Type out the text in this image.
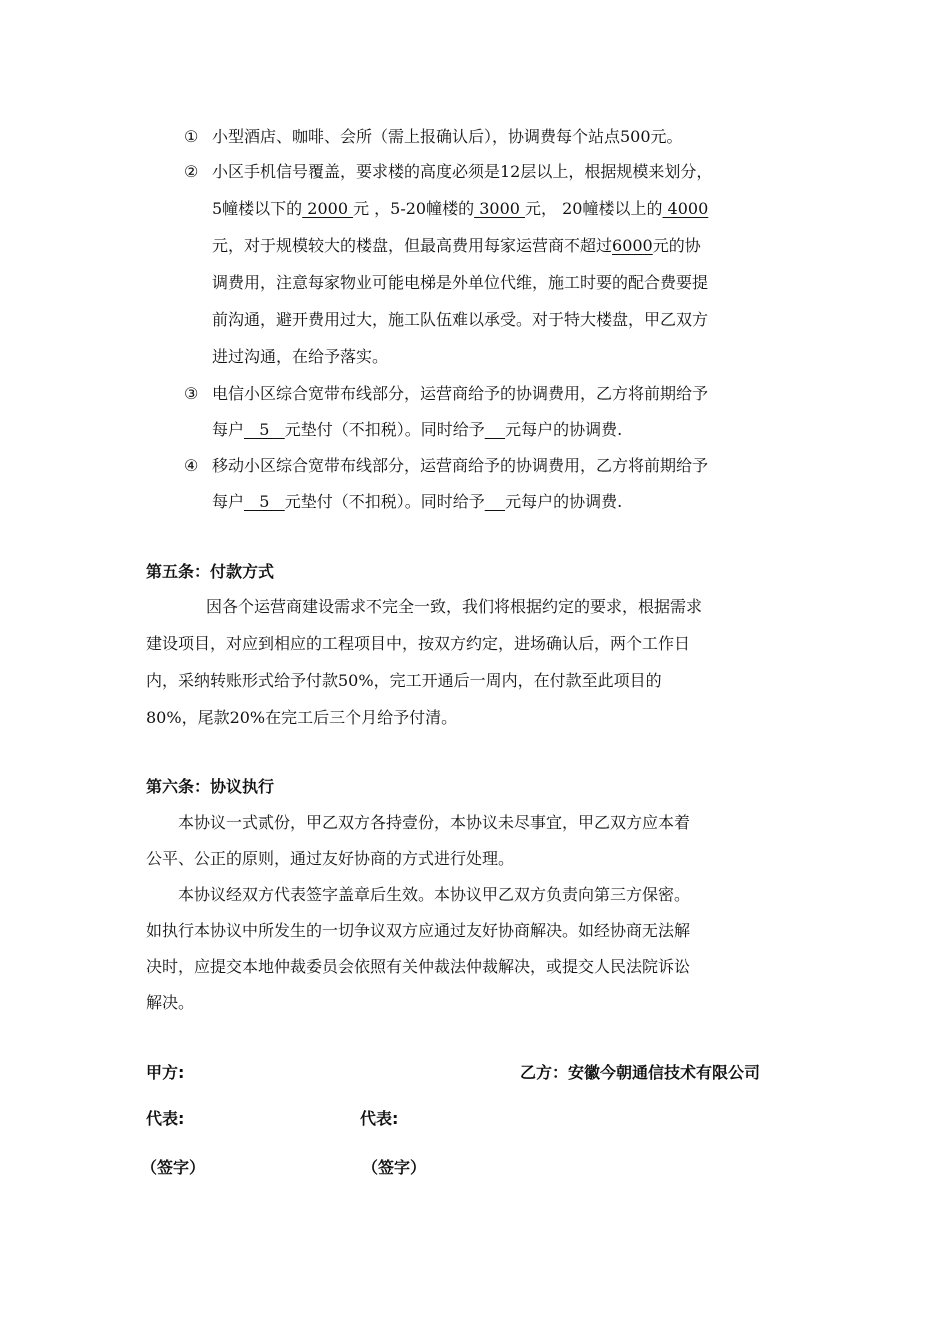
① 小型酒店、咖啡、会所（需上报确认后），协调费每个站点500元。
② 小区手机信号覆盖，要求楼的高度必须是12层以上，根据规模来划分，
5幢楼以下的 2000 元 ，5-20幢楼的 3000 元， 20幢楼以上的 4000
元，对于规模较大的楼盘，但最高费用每家运营商不超过6000元的协
调费用，注意每家物业可能电梯是外单位代维，施工时要的配合费要提
前沟通，避开费用过大，施工队伍难以承受。对于特大楼盘，甲乙双方
进过沟通，在给予落实。
③ 电信小区综合宽带布线部分，运营商给予的协调费用，乙方将前期给予
每户   5   元垫付（不扣税）。同时给予 元每户的协调费.
④ 移动小区综合宽带布线部分，运营商给予的协调费用，乙方将前期给予
每户   5   元垫付（不扣税）。同时给予 元每户的协调费.
第五条：付款方式
因各个运营商建设需求不完全一致，我们将根据约定的要求，根据需求
建设项目，对应到相应的工程项目中，按双方约定，进场确认后，两个工作日
内，采纳转账形式给予付款50%，完工开通后一周内，在付款至此项目的
80%，尾款20%在完工后三个月给予付清。
第六条：协议执行
本协议一式贰份，甲乙双方各持壹份，本协议未尽事宜，甲乙双方应本着
公平、公正的原则，通过友好协商的方式进行处理。
本协议经双方代表签字盖章后生效。本协议甲乙双方负责向第三方保密。
如执行本协议中所发生的一切争议双方应通过友好协商解决。如经协商无法解
决时，应提交本地仲裁委员会依照有关仲裁法仲裁解决，或提交人民法院诉讼
解决。
甲方:	乙方：安徽今朝通信技术有限公司
代表:	代表:
（签字）	（签字）
